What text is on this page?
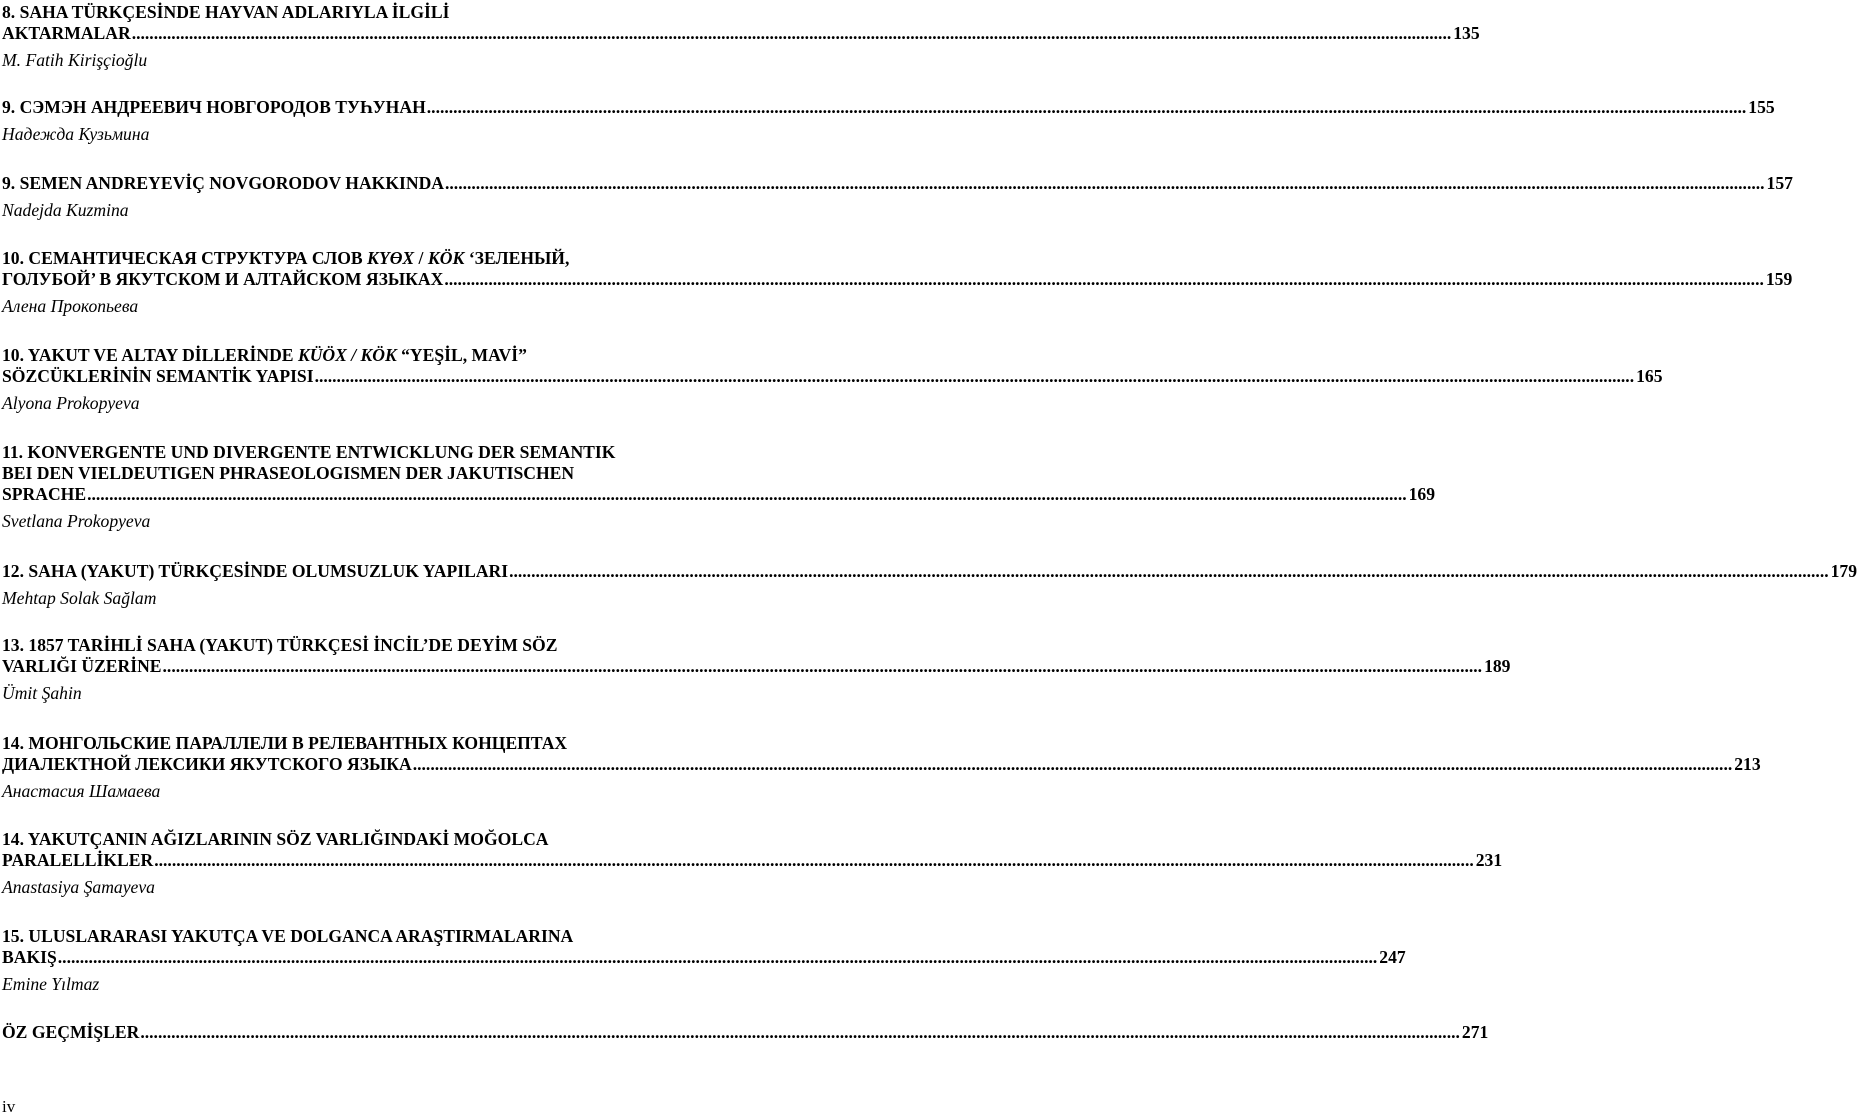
8. SAHA TÜRKÇESİNDE HAYVAN ADLARIYLA İLGİLİ
AKTARMALAR ............................................................................................................................................................................................................................................................................................................ 135
M. Fatih Kirişçioğlu
9. СЭМЭН АНДРЕЕВИЧ НОВГОРОДОВ ТУҺУНАН ............................................................................................................................................................................................................................................................................................................ 155
Надежда Кузьмина
9. SEMEN ANDREYEVİÇ NOVGORODOV HAKKINDA ............................................................................................................................................................................................................................................................................................................ 157
Nadejda Kuzmina
10. СЕМАНТИЧЕСКАЯ СТРУКТУРА СЛОВ КҮӨХ / КӦК ‘ЗЕЛЕНЫЙ,
ГОЛУБОЙ’ В ЯКУТСКОМ И АЛТАЙСКОМ ЯЗЫКАХ ............................................................................................................................................................................................................................................................................................................ 159
Алена Прокопьева
10. YAKUT VE ALTAY DİLLERİNDE KÜÖX / KÖK “YEŞİL, MAVİ”
SÖZCÜKLERİNİN SEMANTİK YAPISI ............................................................................................................................................................................................................................................................................................................ 165
Alyona Prokopyeva
11. KONVERGENTE UND DIVERGENTE ENTWICKLUNG DER SEMANTIK
BEI DEN VIELDEUTIGEN PHRASEOLOGISMEN DER JAKUTISCHEN
SPRACHE ............................................................................................................................................................................................................................................................................................................ 169
Svetlana Prokopyeva
12. SAHA (YAKUT) TÜRKÇESİNDE OLUMSUZLUK YAPILARI ............................................................................................................................................................................................................................................................................................................ 179
Mehtap Solak Sağlam
13. 1857 TARİHLİ SAHA (YAKUT) TÜRKÇESİ İNCİL’DE DEYİM SÖZ
VARLIĞI ÜZERİNE ............................................................................................................................................................................................................................................................................................................ 189
Ümit Şahin
14. МОНГОЛЬСКИЕ ПАРАЛЛЕЛИ В РЕЛЕВАНТНЫХ КОНЦЕПТАХ
ДИАЛЕКТНОЙ ЛЕКСИКИ ЯКУТСКОГО ЯЗЫКА ............................................................................................................................................................................................................................................................................................................ 213
Анастасия Шамаева
14. YAKUTÇANIN AĞIZLARININ SÖZ VARLIĞINDAKİ MOĞOLCA
PARALELLİKLER ............................................................................................................................................................................................................................................................................................................ 231
Anastasiya Şamayeva
15. ULUSLARARASI YAKUTÇA VE DOLGANCA ARAŞTIRMALARINA
BAKIŞ ............................................................................................................................................................................................................................................................................................................ 247
Emine Yılmaz
ÖZ GEÇMİŞLER ............................................................................................................................................................................................................................................................................................................ 271
iv
